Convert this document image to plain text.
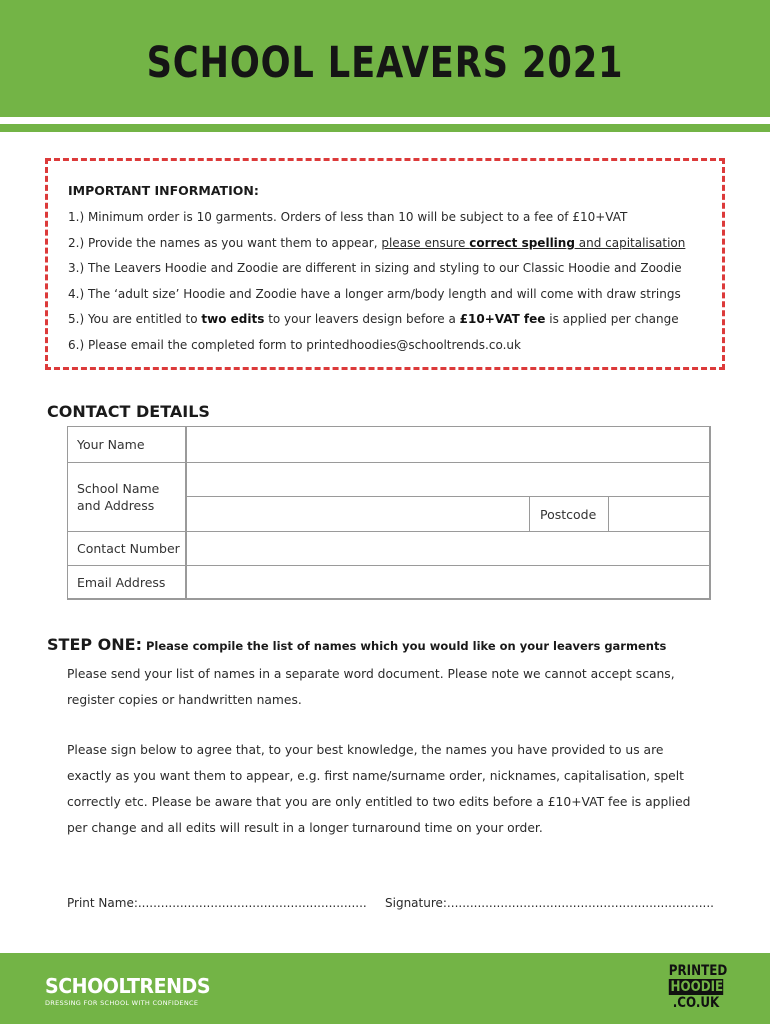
SCHOOL LEAVERS 2021
IMPORTANT INFORMATION:
1.) Minimum order is 10 garments. Orders of less than 10 will be subject to a fee of £10+VAT
2.) Provide the names as you want them to appear, please ensure correct spelling and capitalisation
3.) The Leavers Hoodie and Zoodie are different in sizing and styling to our Classic Hoodie and Zoodie
4.) The ‘adult size’ Hoodie and Zoodie have a longer arm/body length and will come with draw strings
5.) You are entitled to two edits to your leavers design before a £10+VAT fee is applied per change
6.) Please email the completed form to printedhoodies@schooltrends.co.uk
CONTACT DETAILS
Your Name
School Name
and Address
Postcode
Contact Number
Email Address
STEP ONE: Please compile the list of names which you would like on your leavers garments
Please send your list of names in a separate word document. Please note we cannot accept scans,
register copies or handwritten names.
Please sign below to agree that, to your best knowledge, the names you have provided to us are
exactly as you want them to appear, e.g. first name/surname order, nicknames, capitalisation, spelt
correctly etc. Please be aware that you are only entitled to two edits before a £10+VAT fee is applied
per change and all edits will result in a longer turnaround time on your order.
Print Name:............................................................ Signature:......................................................................
SCHOOLTRENDS
DRESSING FOR SCHOOL WITH CONFIDENCE
PRINTED
HOODIES
.CO.UK
